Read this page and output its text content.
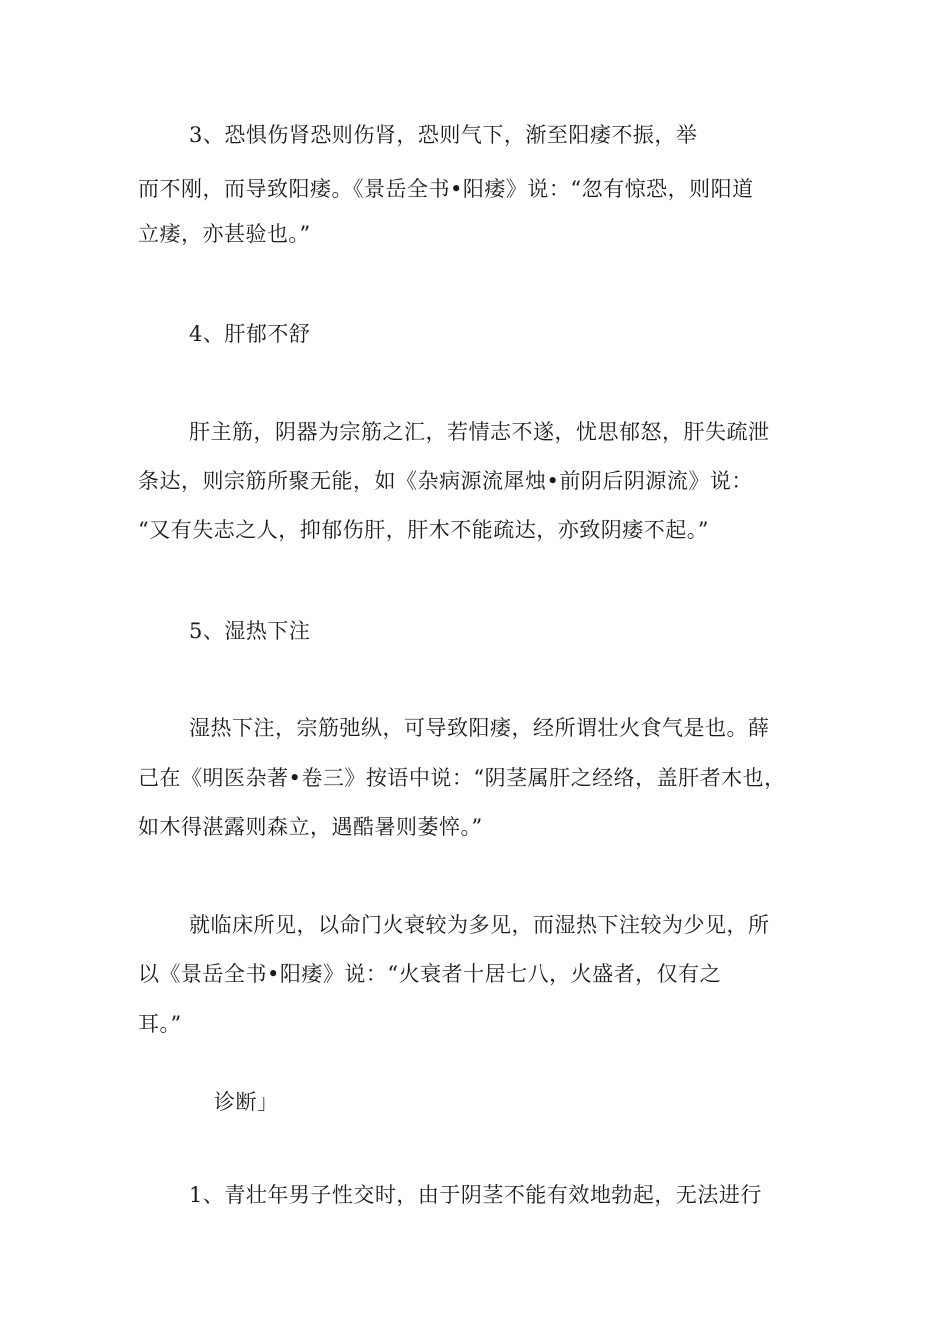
3、恐惧伤肾恐则伤肾，恐则气下，渐至阳痿不振，举
而不刚，而导致阳痿。《景岳全书•阳痿》说：“忽有惊恐，则阳道
立痿，亦甚验也。”
4、肝郁不舒
肝主筋，阴器为宗筋之汇，若情志不遂，忧思郁怒，肝失疏泄
条达，则宗筋所聚无能，如《杂病源流犀烛•前阴后阴源流》说：
“又有失志之人，抑郁伤肝，肝木不能疏达，亦致阴痿不起。”
5、湿热下注
湿热下注，宗筋弛纵，可导致阳痿，经所谓壮火食气是也。薛
己在《明医杂著•卷三》按语中说：“阴茎属肝之经络，盖肝者木也，
如木得湛露则森立，遇酷暑则萎悴。”
就临床所见，以命门火衰较为多见，而湿热下注较为少见，所
以《景岳全书•阳痿》说：“火衰者十居七八，火盛者，仅有之
耳。”
诊断」
1、青壮年男子性交时，由于阴茎不能有效地勃起，无法进行
